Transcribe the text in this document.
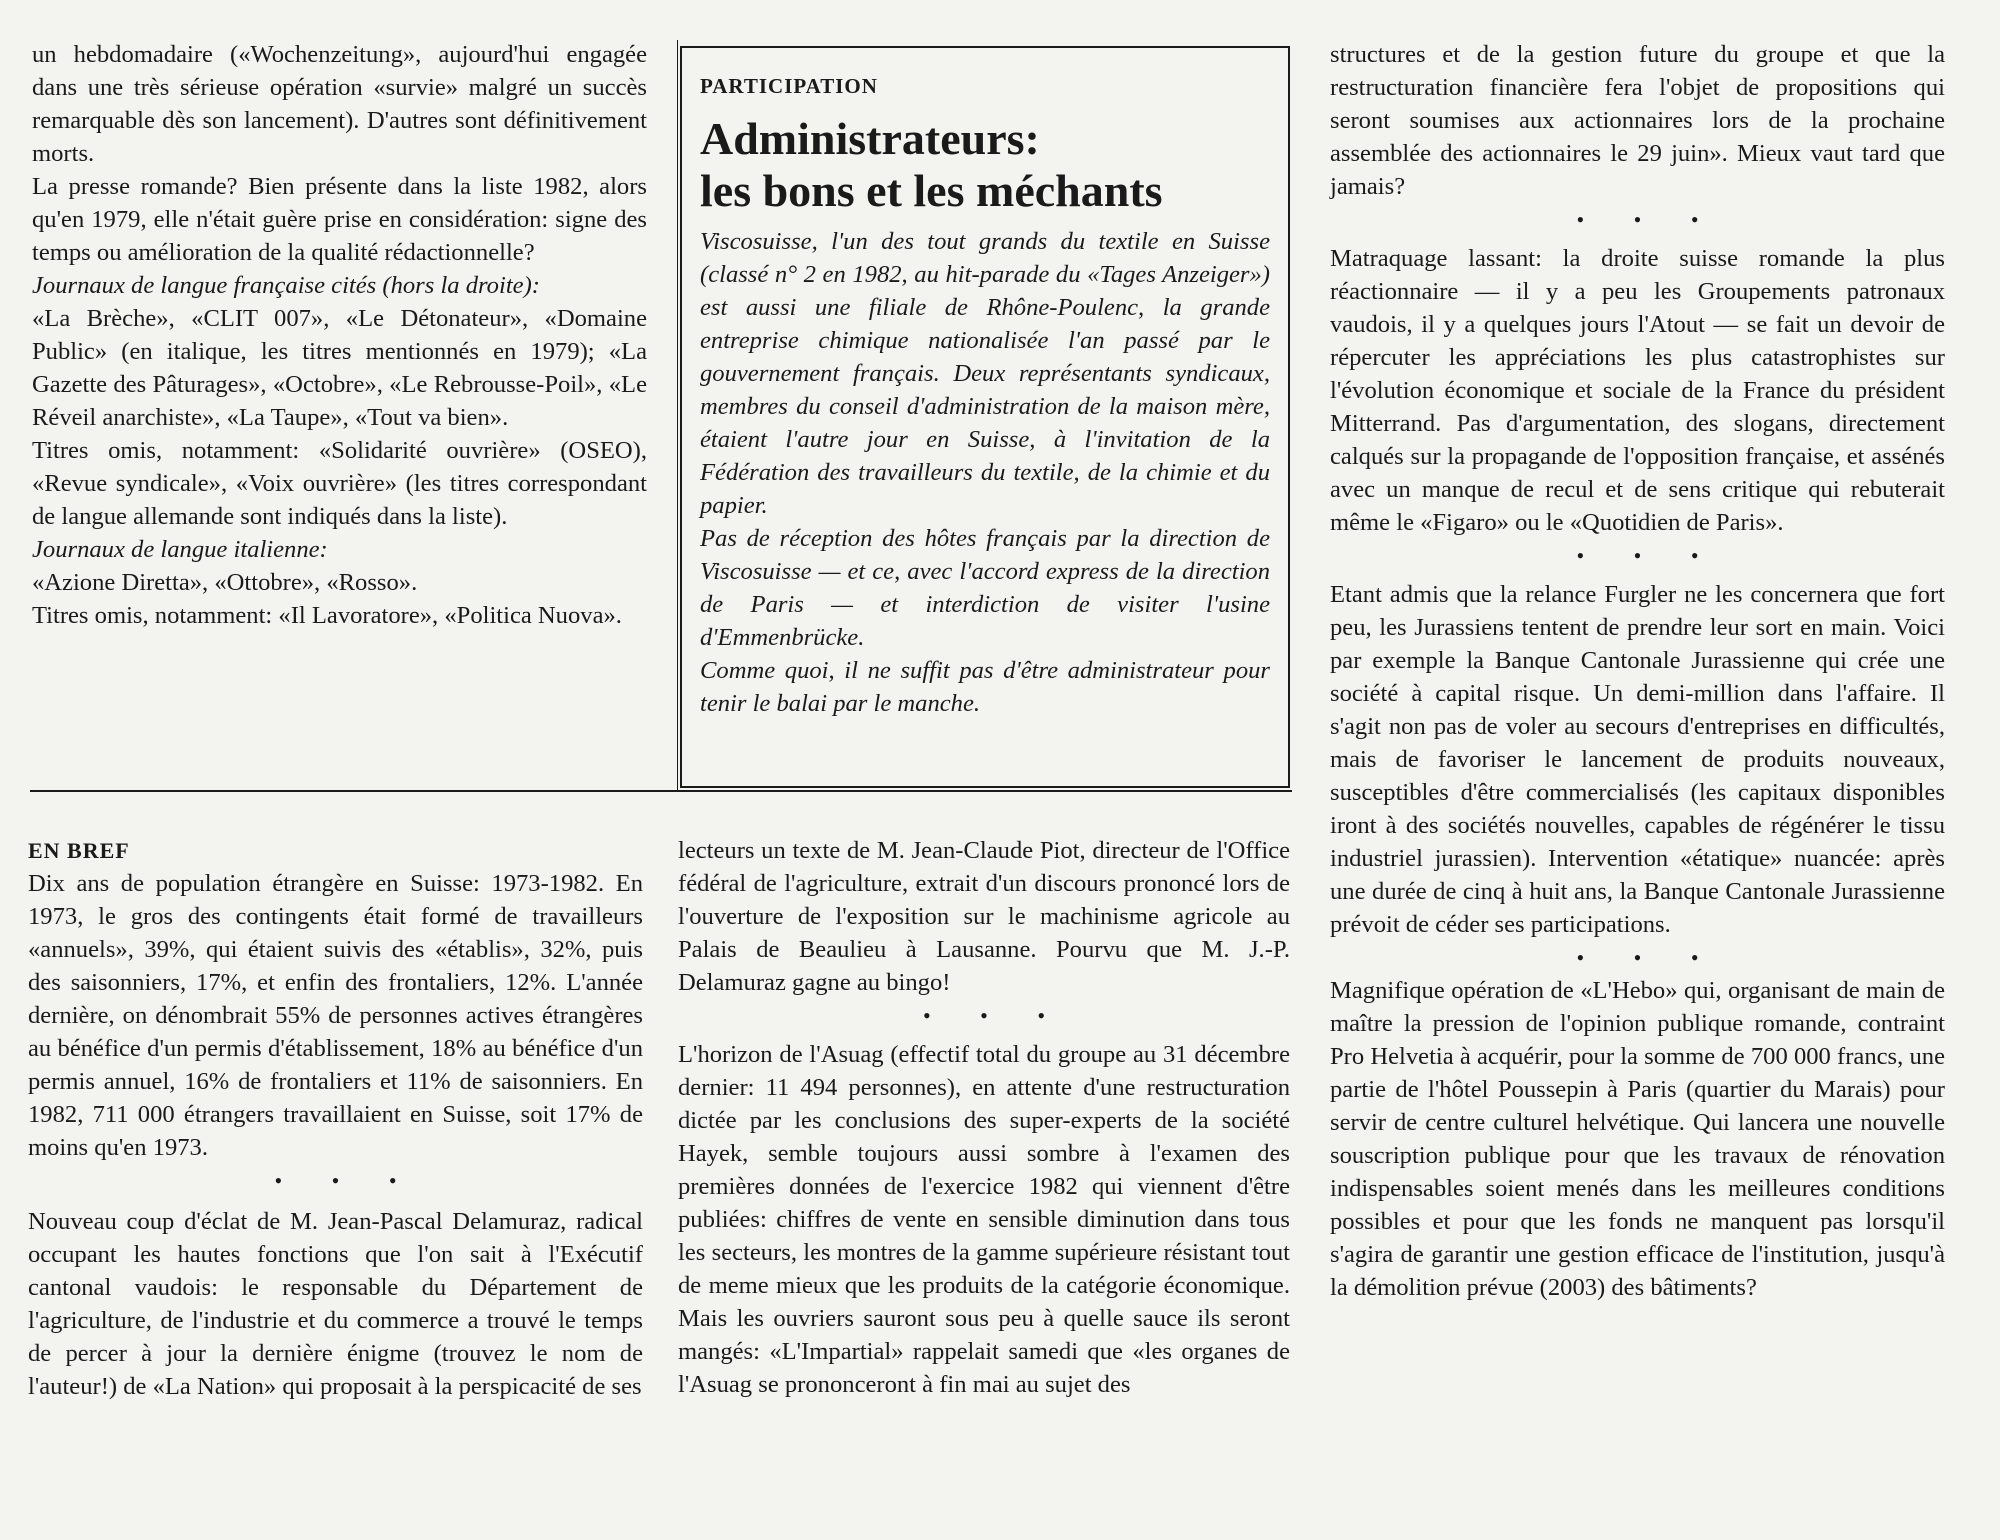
un hebdomadaire («Wochenzeitung», aujourd'hui engagée dans une très sérieuse opération «survie» malgré un succès remarquable dès son lancement). D'autres sont définitivement morts.

La presse romande? Bien présente dans la liste 1982, alors qu'en 1979, elle n'était guère prise en considération: signe des temps ou amélioration de la qualité rédactionnelle?

Journaux de langue française cités (hors la droite):

«La Brèche», «CLIT 007», «Le Détonateur», «Domaine Public» (en italique, les titres mentionnés en 1979); «La Gazette des Pâturages», «Octobre», «Le Rebrousse-Poil», «Le Réveil anarchiste», «La Taupe», «Tout va bien».

Titres omis, notamment: «Solidarité ouvrière» (OSEO), «Revue syndicale», «Voix ouvrière» (les titres correspondant de langue allemande sont indiqués dans la liste).

Journaux de langue italienne:

«Azione Diretta», «Ottobre», «Rosso».

Titres omis, notamment: «Il Lavoratore», «Politica Nuova».

PARTICIPATION

Administrateurs:
les bons et les méchants

Viscosuisse, l'un des tout grands du textile en Suisse (classé n° 2 en 1982, au hit-parade du «Tages Anzeiger») est aussi une filiale de Rhône-Poulenc, la grande entreprise chimique nationalisée l'an passé par le gouvernement français. Deux représentants syndicaux, membres du conseil d'administration de la maison mère, étaient l'autre jour en Suisse, à l'invitation de la Fédération des travailleurs du textile, de la chimie et du papier.

Pas de réception des hôtes français par la direction de Viscosuisse — et ce, avec l'accord express de la direction de Paris — et interdiction de visiter l'usine d'Emmenbrücke.

Comme quoi, il ne suffit pas d'être administrateur pour tenir le balai par le manche.

structures et de la gestion future du groupe et que la restructuration financière fera l'objet de propositions qui seront soumises aux actionnaires lors de la prochaine assemblée des actionnaires le 29 juin». Mieux vaut tard que jamais?

• • •

Matraquage lassant: la droite suisse romande la plus réactionnaire — il y a peu les Groupements patronaux vaudois, il y a quelques jours l'Atout — se fait un devoir de répercuter les appréciations les plus catastrophistes sur l'évolution économique et sociale de la France du président Mitterrand. Pas d'argumentation, des slogans, directement calqués sur la propagande de l'opposition française, et assénés avec un manque de recul et de sens critique qui rebuterait même le «Figaro» ou le «Quotidien de Paris».

• • •

Etant admis que la relance Furgler ne les concernera que fort peu, les Jurassiens tentent de prendre leur sort en main. Voici par exemple la Banque Cantonale Jurassienne qui crée une société à capital risque. Un demi-million dans l'affaire. Il s'agit non pas de voler au secours d'entreprises en difficultés, mais de favoriser le lancement de produits nouveaux, susceptibles d'être commercialisés (les capitaux disponibles iront à des sociétés nouvelles, capables de régénérer le tissu industriel jurassien). Intervention «étatique» nuancée: après une durée de cinq à huit ans, la Banque Cantonale Jurassienne prévoit de céder ses participations.

• • •

Magnifique opération de «L'Hebo» qui, organisant de main de maître la pression de l'opinion publique romande, contraint Pro Helvetia à acquérir, pour la somme de 700 000 francs, une partie de l'hôtel Poussepin à Paris (quartier du Marais) pour servir de centre culturel helvétique. Qui lancera une nouvelle souscription publique pour que les travaux de rénovation indispensables soient menés dans les meilleures conditions possibles et pour que les fonds ne manquent pas lorsqu'il s'agira de garantir une gestion efficace de l'institution, jusqu'à la démolition prévue (2003) des bâtiments?

EN BREF

Dix ans de population étrangère en Suisse: 1973-1982. En 1973, le gros des contingents était formé de travailleurs «annuels», 39%, qui étaient suivis des «établis», 32%, puis des saisonniers, 17%, et enfin des frontaliers, 12%. L'année dernière, on dénombrait 55% de personnes actives étrangères au bénéfice d'un permis d'établissement, 18% au bénéfice d'un permis annuel, 16% de frontaliers et 11% de saisonniers. En 1982, 711 000 étrangers travaillaient en Suisse, soit 17% de moins qu'en 1973.

• • •

Nouveau coup d'éclat de M. Jean-Pascal Delamuraz, radical occupant les hautes fonctions que l'on sait à l'Exécutif cantonal vaudois: le responsable du Département de l'agriculture, de l'industrie et du commerce a trouvé le temps de percer à jour la dernière énigme (trouvez le nom de l'auteur!) de «La Nation» qui proposait à la perspicacité de ses

lecteurs un texte de M. Jean-Claude Piot, directeur de l'Office fédéral de l'agriculture, extrait d'un discours prononcé lors de l'ouverture de l'exposition sur le machinisme agricole au Palais de Beaulieu à Lausanne. Pourvu que M. J.-P. Delamuraz gagne au bingo!

• • •

L'horizon de l'Asuag (effectif total du groupe au 31 décembre dernier: 11 494 personnes), en attente d'une restructuration dictée par les conclusions des super-experts de la société Hayek, semble toujours aussi sombre à l'examen des premières données de l'exercice 1982 qui viennent d'être publiées: chiffres de vente en sensible diminution dans tous les secteurs, les montres de la gamme supérieure résistant tout de meme mieux que les produits de la catégorie économique. Mais les ouvriers sauront sous peu à quelle sauce ils seront mangés: «L'Impartial» rappelait samedi que «les organes de l'Asuag se prononceront à fin mai au sujet des
